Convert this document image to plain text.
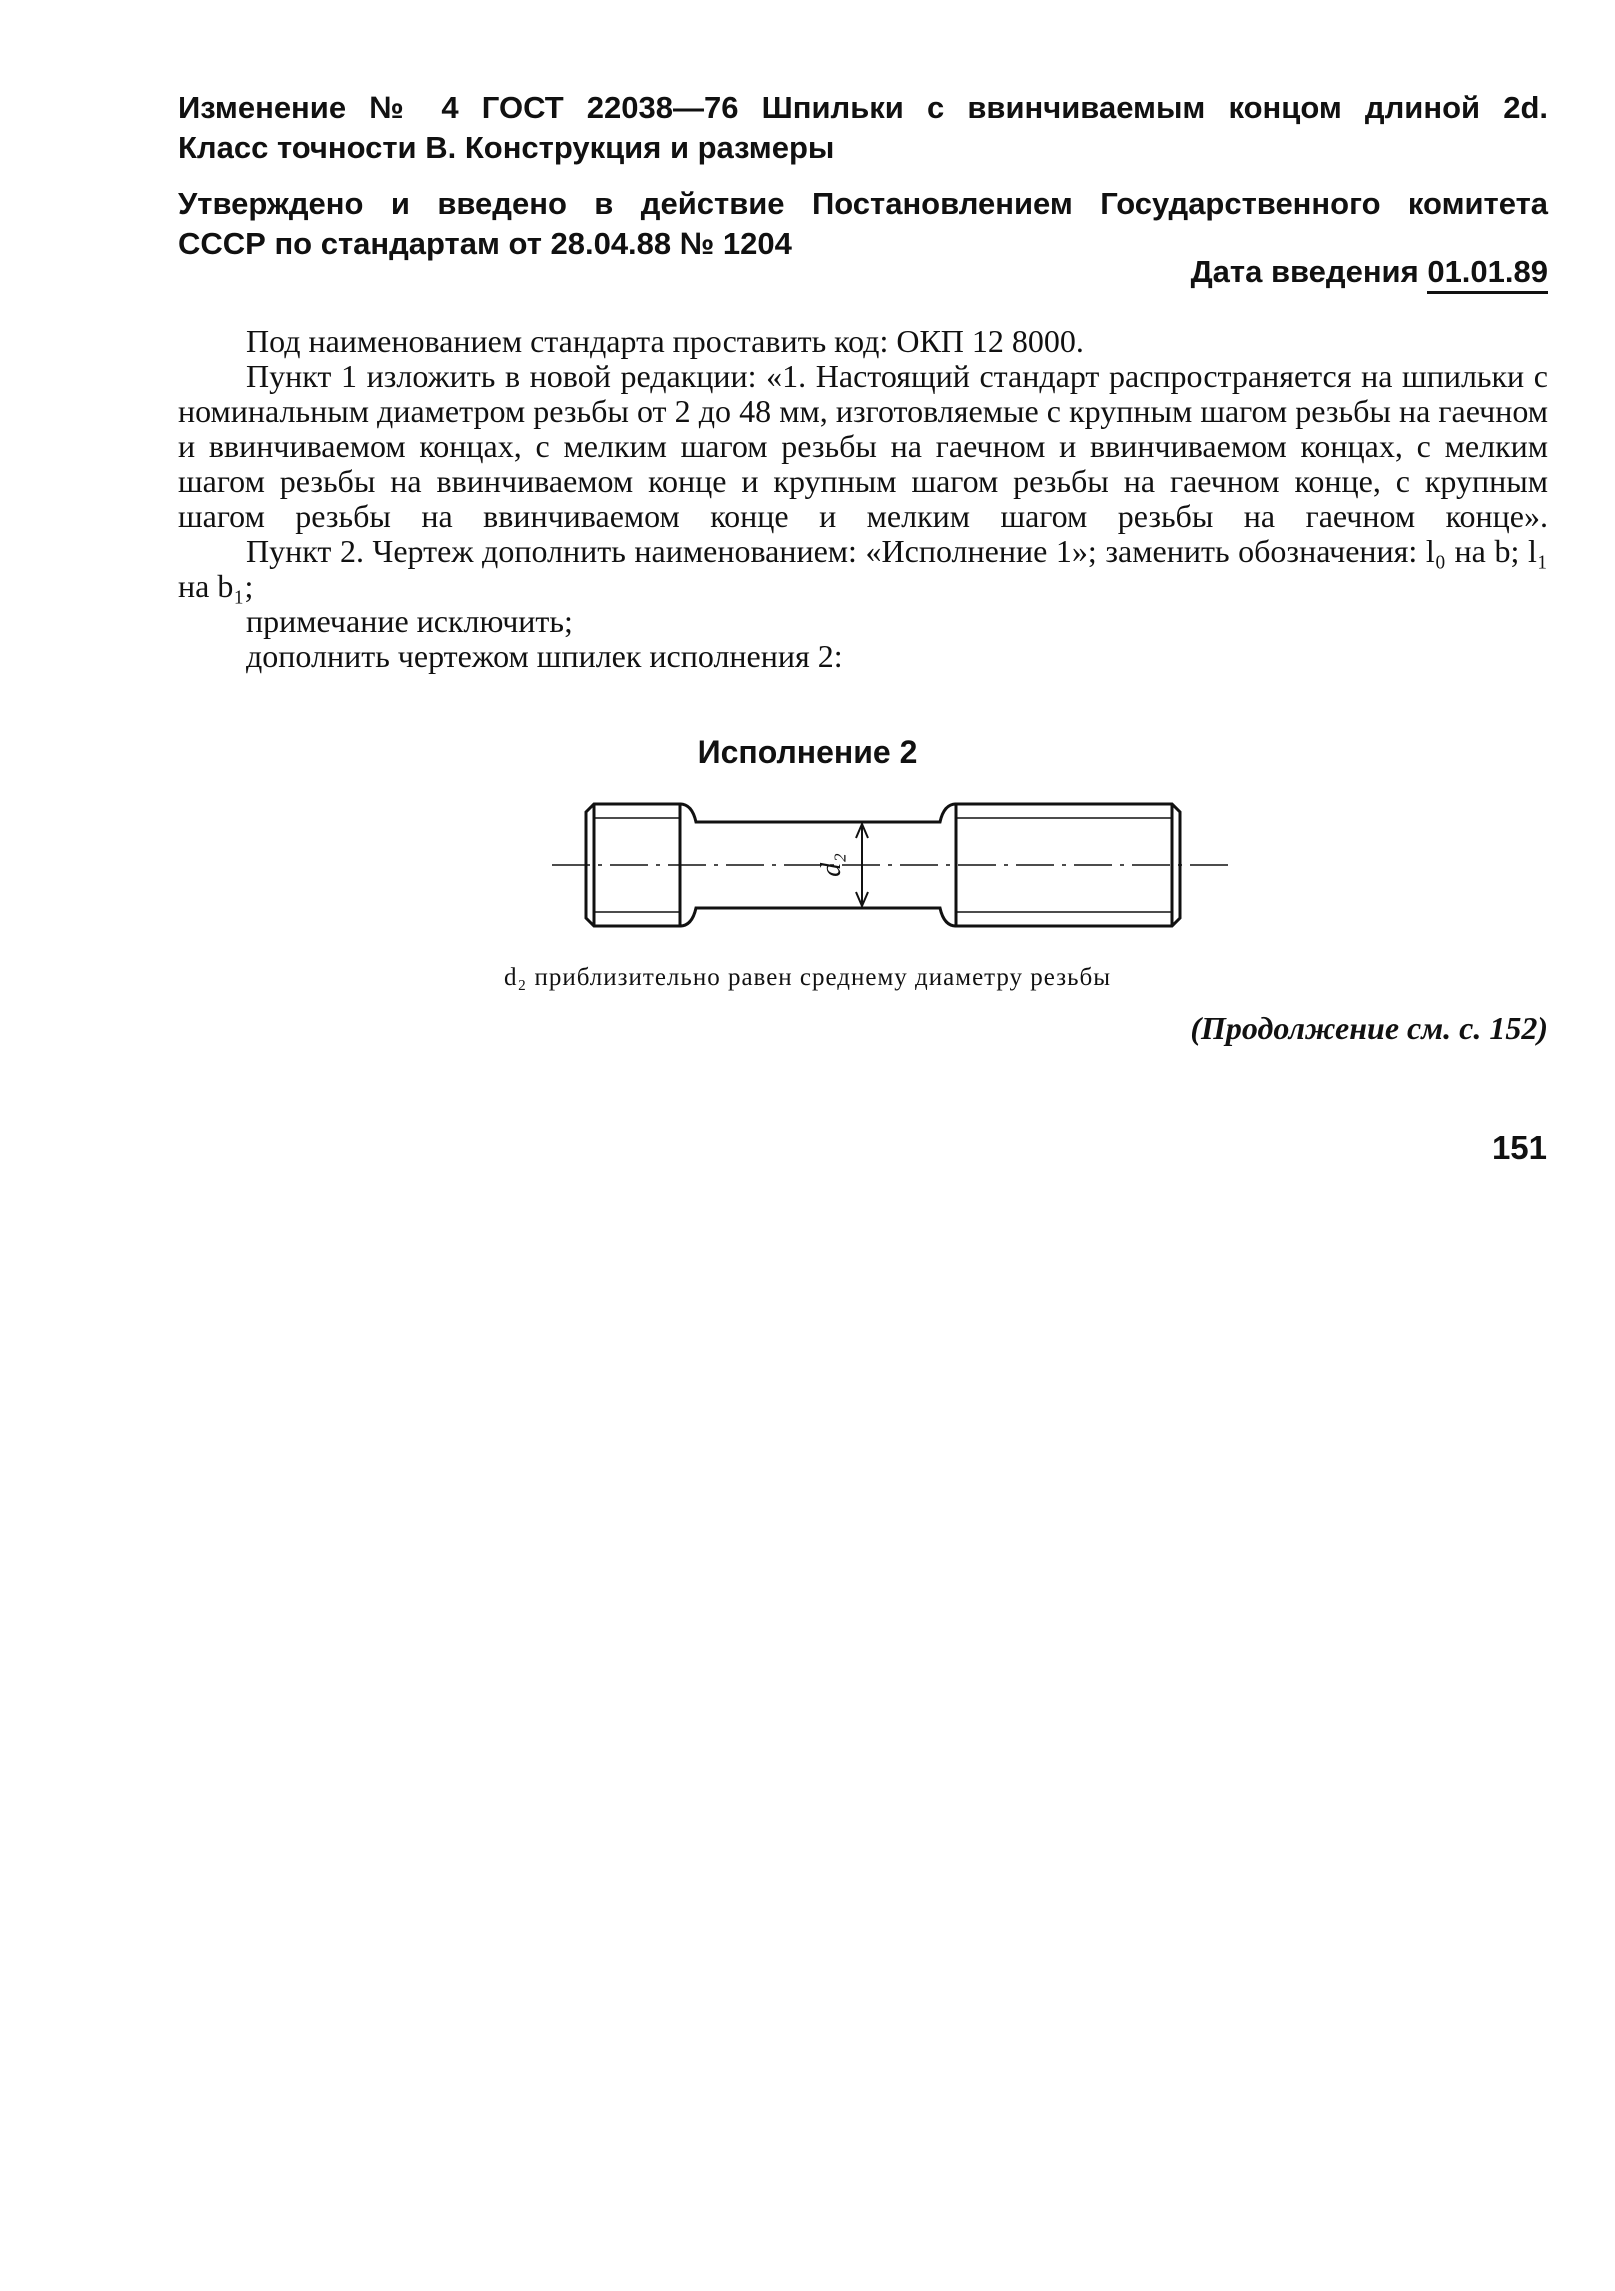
Изменение № 4 ГОСТ 22038—76 Шпильки с ввинчиваемым концом длиной 2d.
Класс точности В. Конструкция и размеры
Утверждено и введено в действие Постановлением Государственного комитета
СССР по стандартам от 28.04.88 № 1204
Дата введения 01.01.89

Под наименованием стандарта проставить код: ОКП 12 8000.

Пункт 1 изложить в новой редакции: «1. Настоящий стандарт распространяется на шпильки с номинальным диаметром резьбы от 2 до 48 мм, изготовляемые с крупным шагом резьбы на гаечном и ввинчиваемом концах, с мелким шагом резьбы на гаечном и ввинчиваемом концах, с мелким шагом резьбы на ввинчиваемом конце и крупным шагом резьбы на гаечном конце, с крупным шагом резьбы на ввинчиваемом конце и мелким шагом резьбы на гаечном конце».

Пункт 2. Чертеж дополнить наименованием: «Исполнение 1»; заменить обозначения: l₀ на b; l₁ на b₁;

примечание исключить;

дополнить чертежом шпилек исполнения 2:

Исполнение 2
d₂
d₂ приблизительно равен среднему диаметру резьбы
(Продолжение см. с. 152)
151
